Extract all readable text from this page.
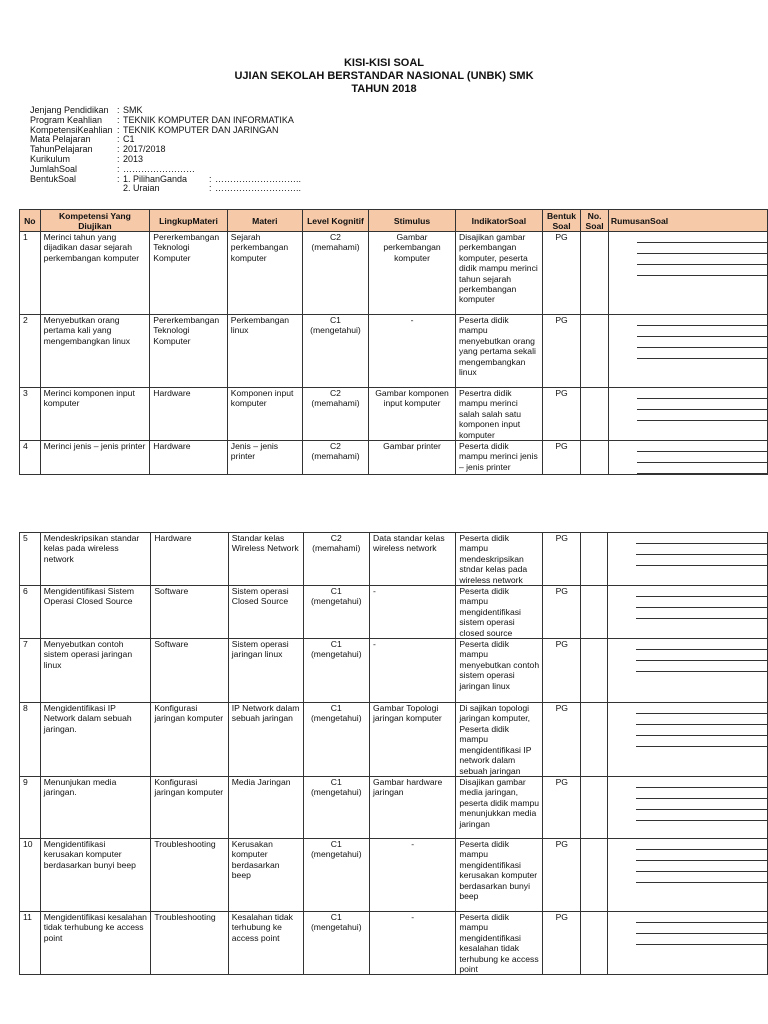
KISI-KISI SOAL
UJIAN SEKOLAH BERSTANDAR NASIONAL (UNBK) SMK
TAHUN 2018
Jenjang Pendidikan : SMK
Program Keahlian	: TEKNIK KOMPUTER DAN INFORMATIKA
KompetensiKeahlian : TEKNIK KOMPUTER DAN JARINGAN
Mata Pelajaran	: C1
TahunPelajaran	: 2017/2018
Kurikulum	: 2013
JumlahSoal	: ……………………
BentukSoal	: 1. PilihanGanda	: ………………………..
2. Uraian	: ………………………..
No	Kompetensi Yang Diujikan	LingkupMateri	Materi	Level Kognitif	Stimulus	IndikatorSoal	Bentuk Soal	No. Soal	RumusanSoal
1	Merinci tahun yang dijadikan dasar sejarah perkembangan komputer	Pererkembangan Teknologi Komputer	Sejarah perkembangan komputer	C2 (memahami)	Gambar perkembangan komputer	Disajikan gambar perkembangan komputer, peserta didik mampu merinci tahun sejarah perkembangan komputer	PG		

2	Menyebutkan orang pertama kali yang mengembangkan linux	Pererkembangan Teknologi Komputer	Perkembangan linux	C1 (mengetahui)	-	Peserta didik mampu menyebutkan orang yang pertama sekali mengembangkan linux	PG		

3	Merinci komponen input komputer	Hardware	Komponen input komputer	C2 (memahami)	Gambar komponen input komputer	Pesertra didik mampu merinci salah salah satu komponen input komputer	PG		

4	Merinci jenis – jenis printer	Hardware	Jenis – jenis printer	C2 (memahami)	Gambar printer	Peserta didik mampu merinci jenis – jenis printer	PG		
5	Mendeskripsikan standar kelas pada wireless network	Hardware	Standar kelas Wireless Network	C2 (memahami)	Data standar kelas wireless network	Peserta didik mampu mendeskripsikan stndar kelas pada wireless network	PG		

6	Mengidentifikasi Sistem Operasi Closed Source	Software	Sistem operasi Closed Source	C1 (mengetahui)	-	Peserta didik mampu mengidentifikasi sistem operasi closed source	PG		

7	Menyebutkan contoh sistem operasi jaringan linux	Software	Sistem operasi jaringan linux	C1 (mengetahui)	-	Peserta didik mampu menyebutkan contoh sistem operasi jaringan linux	PG		

8	Mengidentifikasi IP Network dalam sebuah jaringan.	Konfigurasi jaringan komputer	IP Network dalam sebuah jaringan	C1 (mengetahui)	Gambar Topologi jaringan komputer	Di sajikan topologi jaringan komputer, Peserta didik mampu mengidentifikasi IP network dalam sebuah jaringan	PG		

9	Menunjukan media jaringan.	Konfigurasi jaringan komputer	Media Jaringan	C1 (mengetahui)	Gambar hardware jaringan	Disajikan gambar media jaringan, peserta didik mampu menunjukkan media jaringan	PG		

10	Mengidentifikasi kerusakan komputer berdasarkan bunyi beep	Troubleshooting	Kerusakan komputer berdasarkan beep	C1 (mengetahui)	-	Peserta didik mampu mengidentifikasi kerusakan komputer berdasarkan bunyi beep	PG		

11	Mengidentifikasi kesalahan tidak terhubung ke access point	Troubleshooting	Kesalahan tidak terhubung ke access point	C1 (mengetahui)	-	Peserta didik mampu mengidentifikasi kesalahan tidak terhubung ke access point	PG		
